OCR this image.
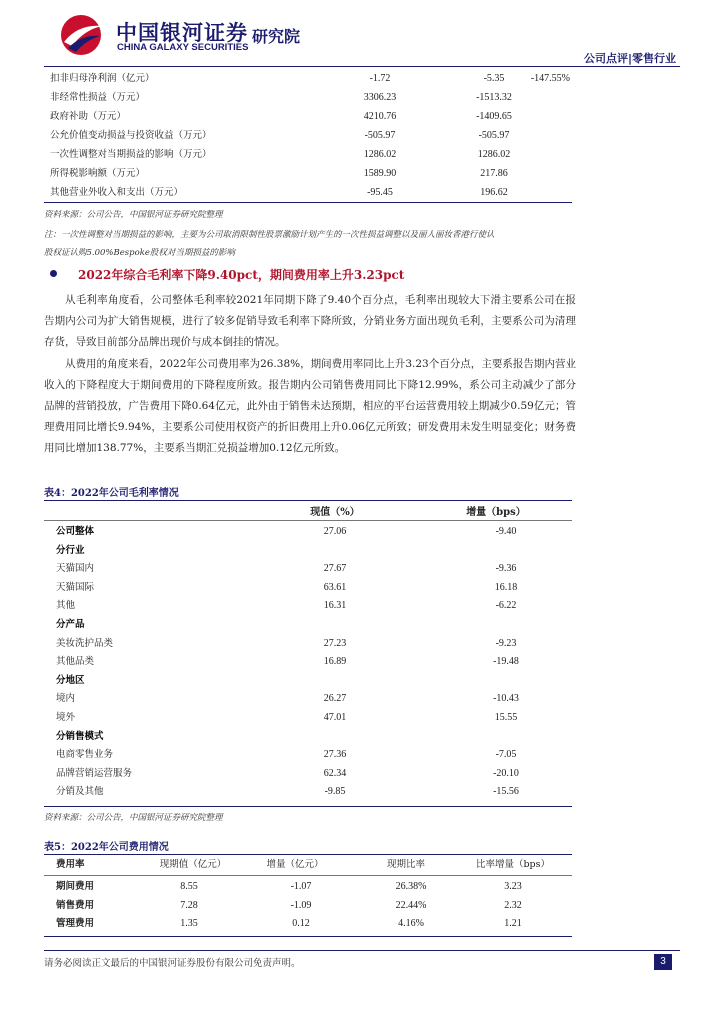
中国银河证券
CHINA GALAXY SECURITIES
研究院
公司点评|零售行业
扣非归母净利润（亿元）	-1.72	-5.35	-147.55%
非经常性损益（万元）	3306.23	-1513.32
政府补助（万元）	4210.76	-1409.65
公允价值变动损益与投资收益（万元）	-505.97	-505.97
一次性调整对当期损益的影响（万元）	1286.02	1286.02
所得税影响额（万元）	1589.90	217.86
其他营业外收入和支出（万元）	-95.45	196.62
资料来源：公司公告，中国银河证券研究院整理
注：一次性调整对当期损益的影响，主要为公司取消限制性股票激励计划产生的一次性损益调整以及丽人丽妆香港行使认
股权证认购5.00%Bespoke股权对当期损益的影响
2022年综合毛利率下降9.40pct，期间费用率上升3.23pct
从毛利率角度看，公司整体毛利率较2021年同期下降了9.40个百分点，毛利率出现较大下滑主要系公司在报告期内公司为扩大销售规模，进行了较多促销导致毛利率下降所致，分销业务方面出现负毛利，主要系公司为清理存货，导致目前部分品牌出现价与成本倒挂的情况。
从费用的角度来看，2022年公司费用率为26.38%，期间费用率同比上升3.23个百分点，主要系报告期内营业收入的下降程度大于期间费用的下降程度所致。报告期内公司销售费用同比下降12.99%，系公司主动减少了部分品牌的营销投放，广告费用下降0.64亿元，此外由于销售未达预期，相应的平台运营费用较上期减少0.59亿元；管理费用同比增长9.94%，主要系公司使用权资产的折旧费用上升0.06亿元所致；研发费用未发生明显变化；财务费用同比增加138.77%，主要系当期汇兑损益增加0.12亿元所致。
表4：2022年公司毛利率情况
现值（%）	增量（bps）
公司整体	27.06	-9.40
分行业
天猫国内	27.67	-9.36
天猫国际	63.61	16.18
其他	16.31	-6.22
分产品
美妆洗护品类	27.23	-9.23
其他品类	16.89	-19.48
分地区
境内	26.27	-10.43
境外	47.01	15.55
分销售模式
电商零售业务	27.36	-7.05
品牌营销运营服务	62.34	-20.10
分销及其他	-9.85	-15.56
资料来源：公司公告，中国银河证券研究院整理
表5：2022年公司费用情况
费用率	现期值（亿元）	增量（亿元）	现期比率	比率增量（bps）
期间费用	8.55	-1.07	26.38%	3.23
销售费用	7.28	-1.09	22.44%	2.32
管理费用	1.35	0.12	4.16%	1.21
请务必阅读正文最后的中国银河证券股份有限公司免责声明。	3
